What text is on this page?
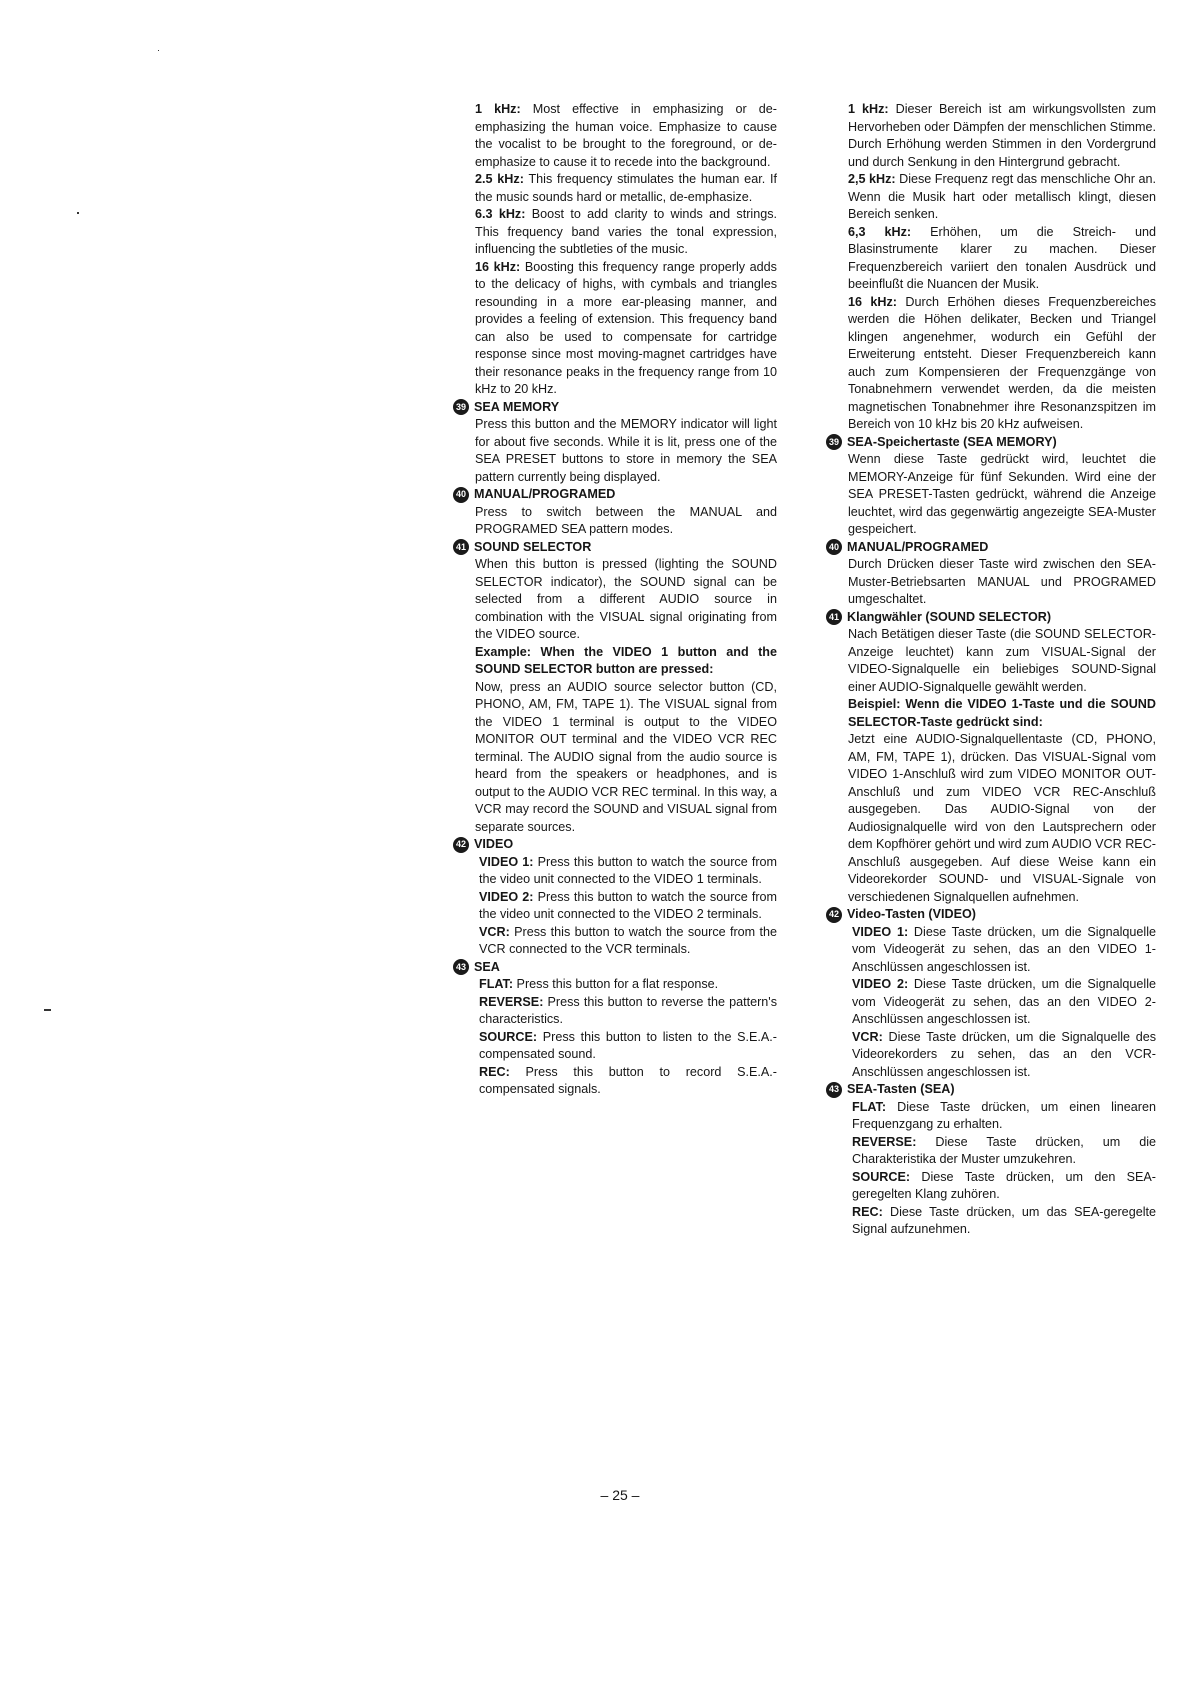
1 kHz: Most effective in emphasizing or de-emphasizing the human voice. Emphasize to cause the vocalist to be brought to the foreground, or de-emphasize to cause it to recede into the background.

2.5 kHz: This frequency stimulates the human ear. If the music sounds hard or metallic, de-emphasize.

6.3 kHz: Boost to add clarity to winds and strings. This frequency band varies the tonal expression, influencing the subtleties of the music.

16 kHz: Boosting this frequency range properly adds to the delicacy of highs, with cymbals and triangles resounding in a more ear-pleasing manner, and provides a feeling of extension. This frequency band can also be used to compensate for cartridge response since most moving-magnet cartridges have their resonance peaks in the frequency range from 10 kHz to 20 kHz.

39 SEA MEMORY

Press this button and the MEMORY indicator will light for about five seconds. While it is lit, press one of the SEA PRESET buttons to store in memory the SEA pattern currently being displayed.

40 MANUAL/PROGRAMED

Press to switch between the MANUAL and PROGRAMED SEA pattern modes.

41 SOUND SELECTOR

When this button is pressed (lighting the SOUND SELECTOR indicator), the SOUND signal can be selected from a different AUDIO source in combination with the VISUAL signal originating from the VIDEO source.

Example: When the VIDEO 1 button and the SOUND SELECTOR button are pressed:

Now, press an AUDIO source selector button (CD, PHONO, AM, FM, TAPE 1). The VISUAL signal from the VIDEO 1 terminal is output to the VIDEO MONITOR OUT terminal and the VIDEO VCR REC terminal. The AUDIO signal from the audio source is heard from the speakers or headphones, and is output to the AUDIO VCR REC terminal. In this way, a VCR may record the SOUND and VISUAL signal from separate sources.

42 VIDEO

VIDEO 1: Press this button to watch the source from the video unit connected to the VIDEO 1 terminals.

VIDEO 2: Press this button to watch the source from the video unit connected to the VIDEO 2 terminals.

VCR: Press this button to watch the source from the VCR connected to the VCR terminals.

43 SEA

FLAT: Press this button for a flat response.

REVERSE: Press this button to reverse the pattern's characteristics.

SOURCE: Press this button to listen to the S.E.A.-compensated sound.

REC: Press this button to record S.E.A.-compensated signals.

1 kHz: Dieser Bereich ist am wirkungsvollsten zum Hervorheben oder Dämpfen der menschlichen Stimme. Durch Erhöhung werden Stimmen in den Vordergrund und durch Senkung in den Hintergrund gebracht.

2,5 kHz: Diese Frequenz regt das menschliche Ohr an. Wenn die Musik hart oder metallisch klingt, diesen Bereich senken.

6,3 kHz: Erhöhen, um die Streich- und Blasinstrumente klarer zu machen. Dieser Frequenzbereich variiert den tonalen Ausdrück und beeinflußt die Nuancen der Musik.

16 kHz: Durch Erhöhen dieses Frequenzbereiches werden die Höhen delikater, Becken und Triangel klingen angenehmer, wodurch ein Gefühl der Erweiterung entsteht. Dieser Frequenzbereich kann auch zum Kompensieren der Frequenzgänge von Tonabnehmern verwendet werden, da die meisten magnetischen Tonabnehmer ihre Resonanzspitzen im Bereich von 10 kHz bis 20 kHz aufweisen.

39 SEA-Speichertaste (SEA MEMORY)

Wenn diese Taste gedrückt wird, leuchtet die MEMORY-Anzeige für fünf Sekunden. Wird eine der SEA PRESET-Tasten gedrückt, während die Anzeige leuchtet, wird das gegenwärtig angezeigte SEA-Muster gespeichert.

40 MANUAL/PROGRAMED

Durch Drücken dieser Taste wird zwischen den SEA-Muster-Betriebsarten MANUAL und PROGRAMED umgeschaltet.

41 Klangwähler (SOUND SELECTOR)

Nach Betätigen dieser Taste (die SOUND SELECTOR-Anzeige leuchtet) kann zum VISUAL-Signal der VIDEO-Signalquelle ein beliebiges SOUND-Signal einer AUDIO-Signalquelle gewählt werden.

Beispiel: Wenn die VIDEO 1-Taste und die SOUND SELECTOR-Taste gedrückt sind:

Jetzt eine AUDIO-Signalquellentaste (CD, PHONO, AM, FM, TAPE 1), drücken. Das VISUAL-Signal vom VIDEO 1-Anschluß wird zum VIDEO MONITOR OUT-Anschluß und zum VIDEO VCR REC-Anschluß ausgegeben. Das AUDIO-Signal von der Audiosignalquelle wird von den Lautsprechern oder dem Kopfhörer gehört und wird zum AUDIO VCR REC-Anschluß ausgegeben. Auf diese Weise kann ein Videorekorder SOUND- und VISUAL-Signale von verschiedenen Signalquellen aufnehmen.

42 Video-Tasten (VIDEO)

VIDEO 1: Diese Taste drücken, um die Signalquelle vom Videogerät zu sehen, das an den VIDEO 1-Anschlüssen angeschlossen ist.

VIDEO 2: Diese Taste drücken, um die Signalquelle vom Videogerät zu sehen, das an den VIDEO 2-Anschlüssen angeschlossen ist.

VCR: Diese Taste drücken, um die Signalquelle des Videorekorders zu sehen, das an den VCR-Anschlüssen angeschlossen ist.

43 SEA-Tasten (SEA)

FLAT: Diese Taste drücken, um einen linearen Frequenzgang zu erhalten.

REVERSE: Diese Taste drücken, um die Charakteristika der Muster umzukehren.

SOURCE: Diese Taste drücken, um den SEA-geregelten Klang zuhören.

REC: Diese Taste drücken, um das SEA-geregelte Signal aufzunehmen.

– 25 –
